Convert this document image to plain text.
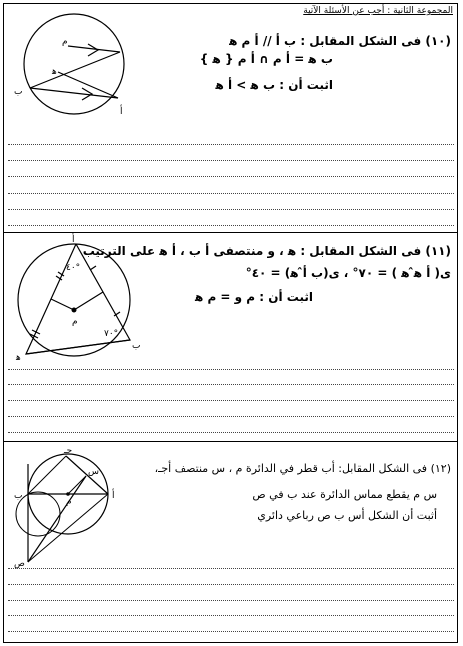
المجموعة الثانية : أجب عن الأسئلة الآتية
م
ﻫ
ب
ﺃ
(١٠) فى الشكل المقابل : ب ﺃ // ﺃ م ﻫ
ب ﻫ = ﺃ م ∩ ﺃ م { ﻫ }
اثبت أن : ب ﻫ > ﺃ ﻫ
ﺃ
م
ب
ﻫ
٤٠°
٧٠°
(١١) فى الشكل المقابل : ﻫ ، و منتصفى ﺃ ب ، ﺃ ﻫ على الترتيب
ى( ﺃ ﻫ̂ ﻫ ) = ٧٠° ، ى(ب ﺃ̂ ﻫ) = ٤٠°
اثبت أن : م و = م ﻫ
جـ
ب	ﺃ
م
س
ص
(١٢) فى الشكل المقابل: ﺃب قطر في الدائرة م ، س منتصف ﺃجـ،
س م يقطع مماس الدائرة عند ب في ص
أثبت أن الشكل ﺃس ب ص رباعي دائري
